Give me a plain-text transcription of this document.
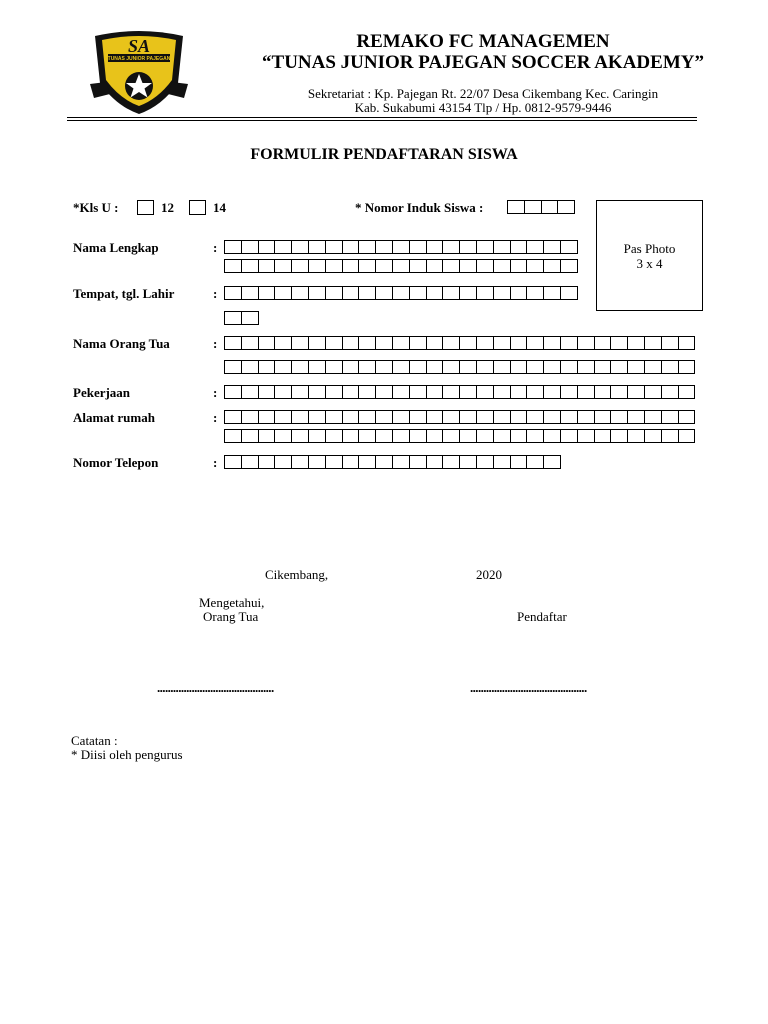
SA
TUNAS JUNIOR PAJEGAN
REMAKO FC MANAGEMEN
“TUNAS JUNIOR PAJEGAN SOCCER AKADEMY”
Sekretariat : Kp. Pajegan Rt. 22/07 Desa Cikembang Kec. Caringin
Kab. Sukabumi 43154 Tlp / Hp. 0812-9579-9446
FORMULIR PENDAFTARAN SISWA
*Kls U :	12	14	* Nomor Induk Siswa :
Pas Photo
3 x 4
Nama Lengkap	:
Tempat, tgl. Lahir	:
Nama Orang Tua	:
Pekerjaan	:
Alamat rumah	:
Nomor Telepon	:
Cikembang,	2020
Mengetahui,
Orang Tua	Pendaftar
............................................	............................................
Catatan :
* Diisi oleh pengurus
